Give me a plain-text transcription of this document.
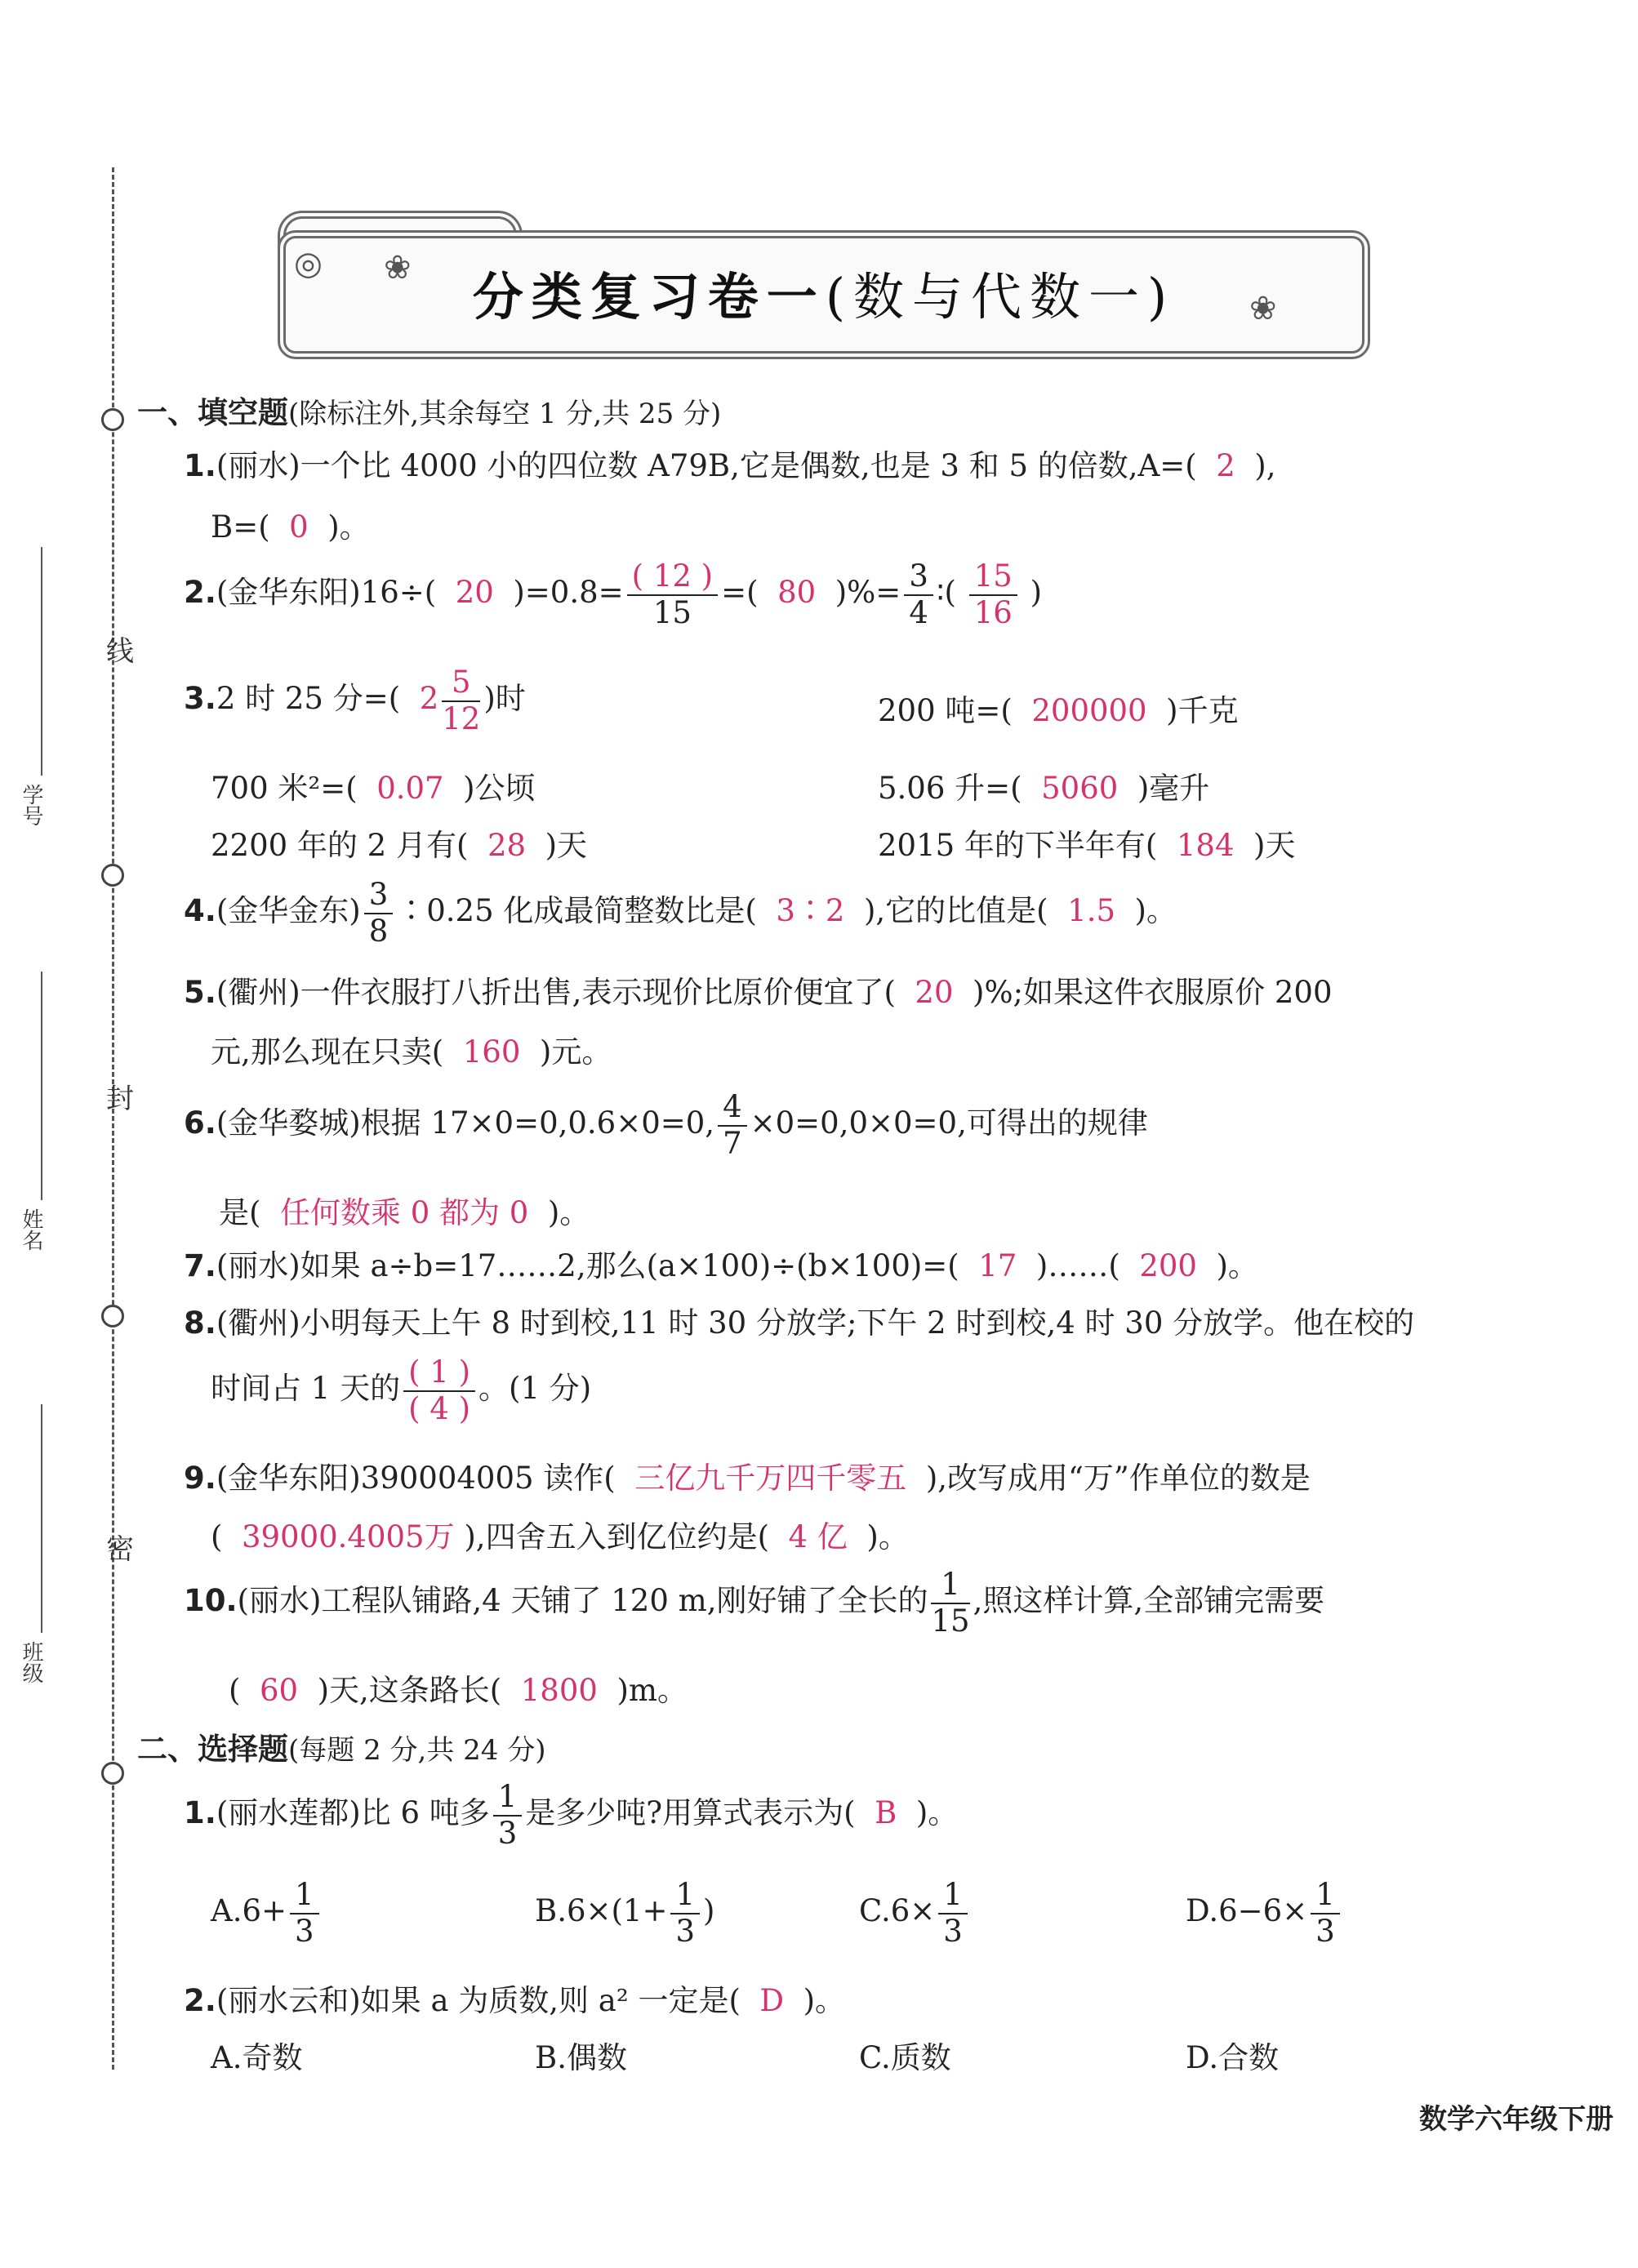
线
封
密
学号
姓名
班级
分类复习卷一(数与代数一)
◎ ❀
❀
一、填空题(除标注外,其余每空 1 分,共 25 分)
1.(丽水)一个比 4000 小的四位数 A79B,它是偶数,也是 3 和 5 的倍数,A=( 2 ),
B=( 0 )。
2.(金华东阳)16÷( 20 )$=0.8= \frac{( 12 )}{15}$ =( 80 )%= $\frac{3}{4}$ ∶( $\frac{15}{16}$ )
3.2 时 25 分=( $2 \frac{5}{12}$ )时	200 吨=( 200000 )千克
700 米²=( 0.07 )公顷	5.06 升=( 5060 )毫升
2200 年的 2 月有( 28 )天	2015 年的下半年有( 184 )天
4.(金华金东) $\frac{3}{8}$ ∶0.25 化成最简整数比是( 3∶2 ),它的比值是( 1.5 )。
5.(衢州)一件衣服打八折出售,表示现价比原价便宜了( 20 )%;如果这件衣服原价 200
元,那么现在只卖( 160 )元。
6.(金华婺城)根据 17×0=0,0.6×0=0, $\frac{4}{7} \times 0=0,0\times 0=0$,可得出的规律
是( 任何数乘 0 都为 0 )。
7.(丽水)如果 a÷b=17……2,那么(a×100)÷(b×100)=( 17 )……( 200 )。
8.(衢州)小明每天上午 8 时到校,11 时 30 分放学;下午 2 时到校,4 时 30 分放学。他在校的
时间占 1 天的 $\frac{( 1 )}{( 4 )}$ 。(1 分)
9.(金华东阳)390004005 读作( 三亿九千万四千零五 ),改写成用“万”作单位的数是
( 39000.4005万 ),四舍五入到亿位约是( 4 亿 )。
10.(丽水)工程队铺路,4 天铺了 120 m,刚好铺了全长的 $\frac{1}{15}$ ,照这样计算,全部铺完需要
( 60 )天,这条路长( 1800 )m。
二、选择题(每题 2 分,共 24 分)
1.(丽水莲都)比 6 吨多 $\frac{1}{3}$ 是多少吨?用算式表示为( B )。
$A.6+ \frac{1}{3}$	$B.6\times(1+ \frac{1}{3}$ )	$C.6\times \frac{1}{3}$	$D.6-6\times \frac{1}{3}$
2.(丽水云和)如果 a 为质数,则 a² 一定是( D )。
A.奇数	B.偶数	C.质数	D.合数
数学六年级下册
